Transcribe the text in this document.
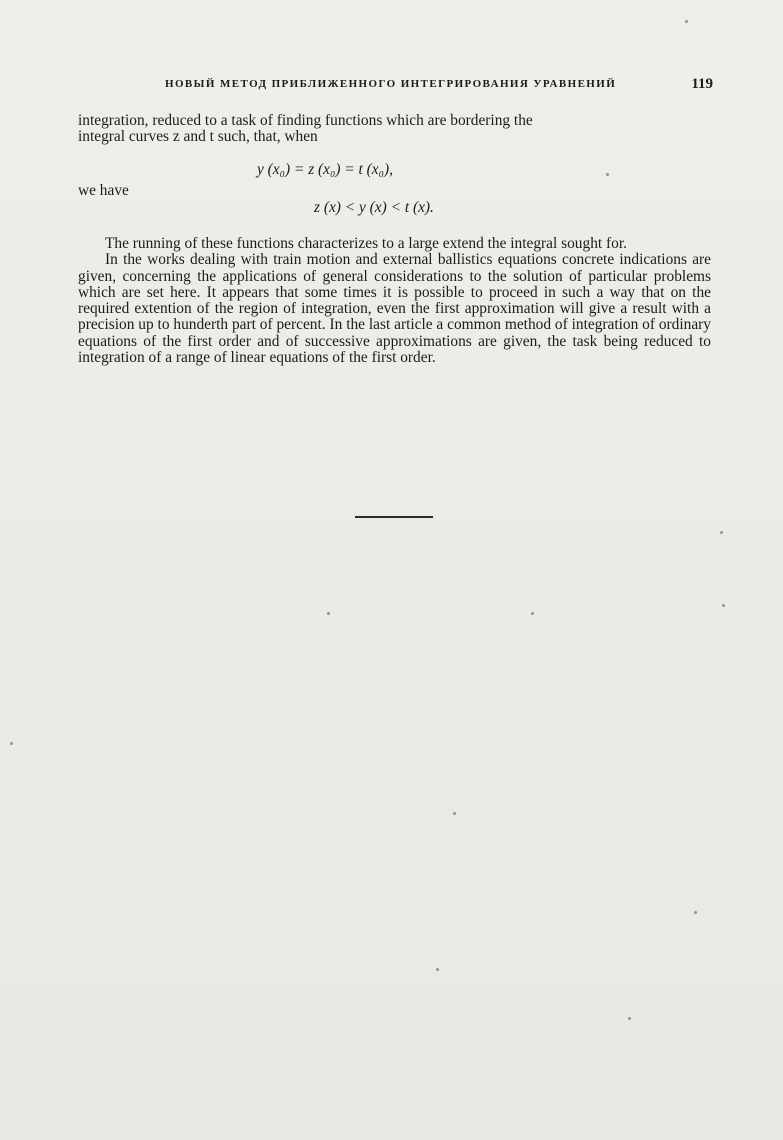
НОВЫЙ МЕТОД ПРИБЛИЖЕННОГО ИНТЕГРИРОВАНИЯ УРАВНЕНИЙ	119

integration, reduced to a task of finding functions which are bordering the

integral curves z and t such, that, when

y (x₀) = z (x₀) = t (x₀),
we have
z (x) < y (x) < t (x).

The running of these functions characterizes to a large extend the integral sought for.

In the works dealing with train motion and external ballistics equations concrete indications are given, concerning the applications of general considerations to the solution of particular problems which are set here. It appears that some times it is possible to proceed in such a way that on the required extention of the region of integration, even the first approximation will give a result with a precision up to hunderth part of percent. In the last article a common method of integration of ordinary equations of the first order and of successive approximations are given, the task being reduced to integration of a range of linear equations of the first order.
